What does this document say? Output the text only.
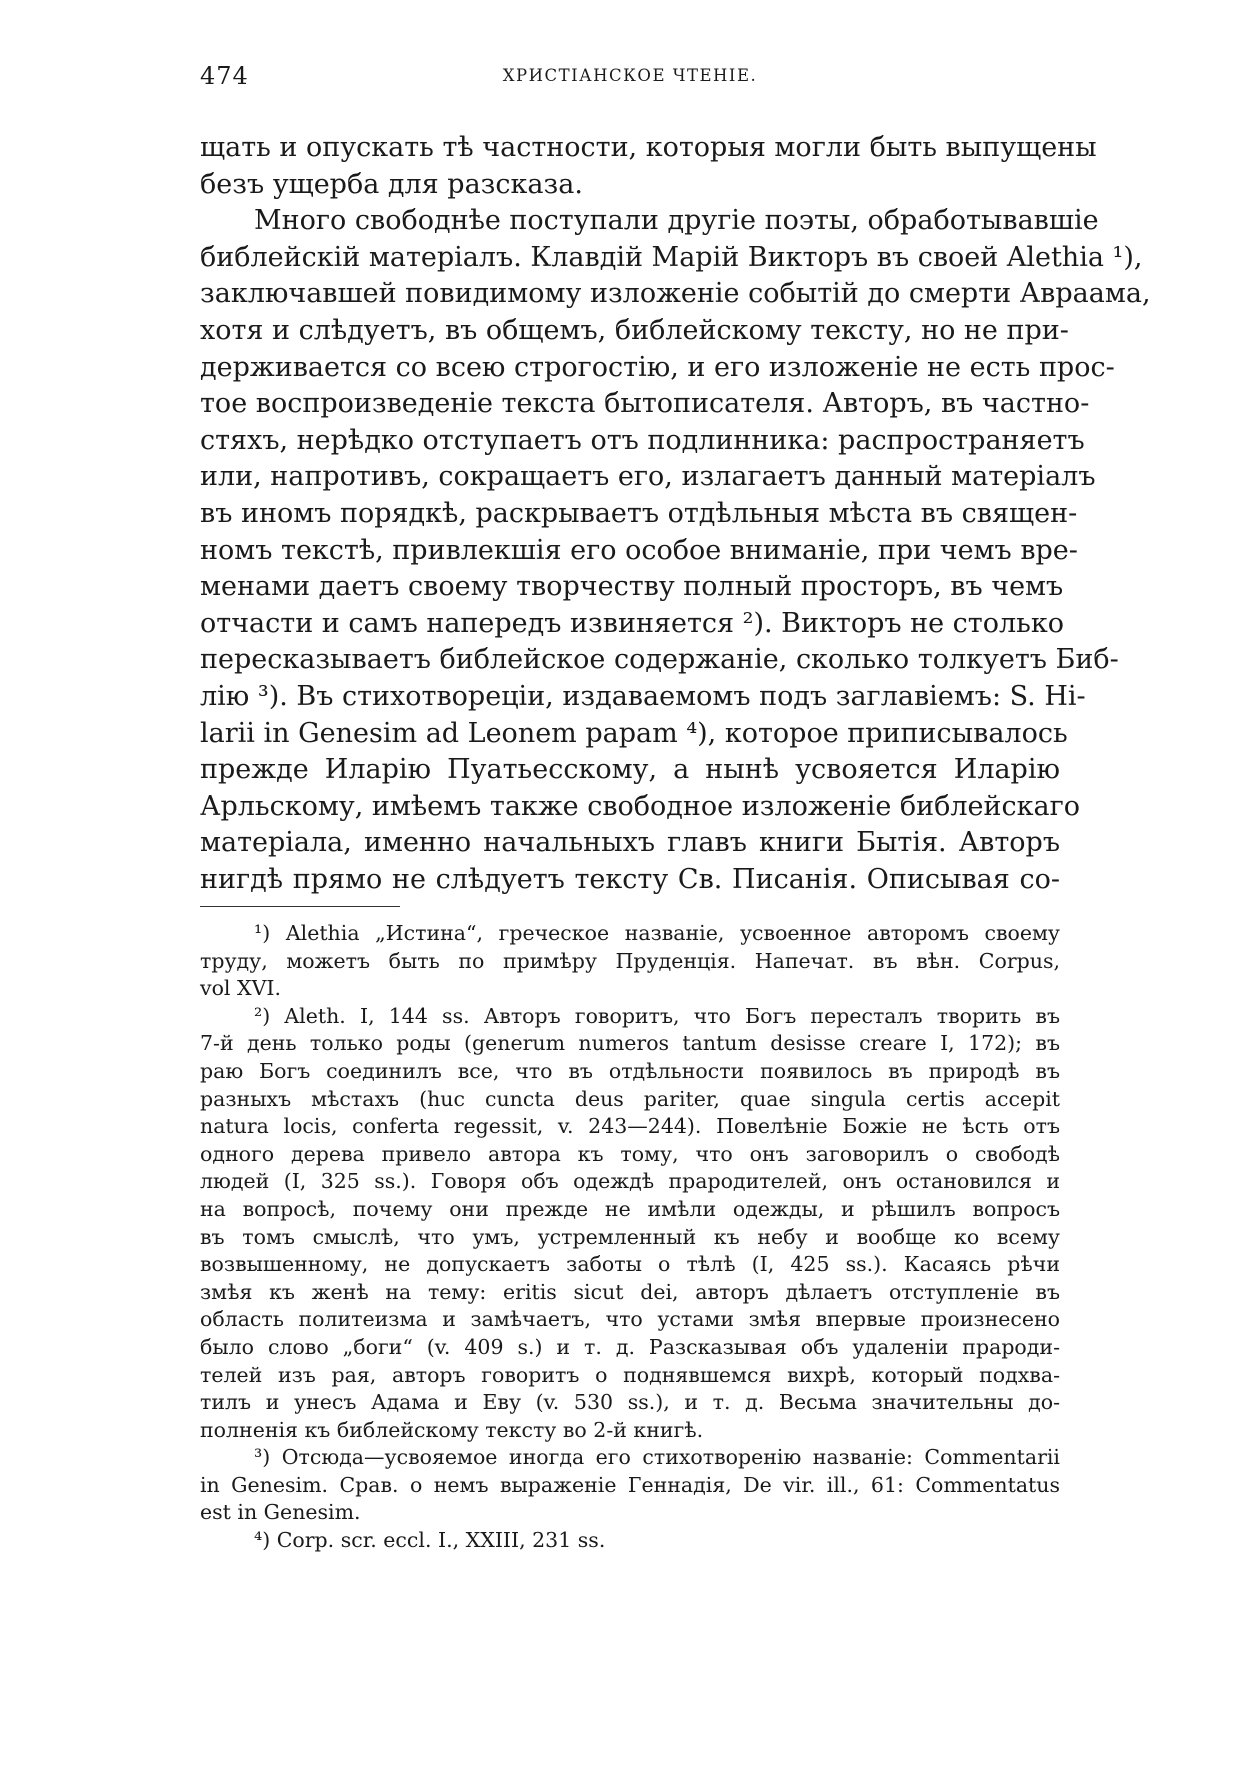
474	ХРИСТІАНСКОЕ ЧТЕНІЕ.
щать и опускать тѣ частности, которыя могли быть выпущены
безъ ущерба для разсказа.
Много свободнѣе поступали другіе поэты, обработывавшіе
библейскій матеріалъ. Клавдій Марій Викторъ въ своей Alethia ¹),
заключавшей повидимому изложеніе событій до смерти Авраама,
хотя и слѣдуетъ, въ общемъ, библейскому тексту, но не при-
держивается со всею строгостію, и его изложеніе не есть прос-
тое воспроизведеніе текста бытописателя. Авторъ, въ частно-
стяхъ, нерѣдко отступаетъ отъ подлинника: распространяетъ
или, напротивъ, сокращаетъ его, излагаетъ данный матеріалъ
въ иномъ порядкѣ, раскрываетъ отдѣльныя мѣста въ священ-
номъ текстѣ, привлекшія его особое вниманіе, при чемъ вре-
менами даетъ своему творчеству полный просторъ, въ чемъ
отчасти и самъ напередъ извиняется ²). Викторъ не столько
пересказываетъ библейское содержаніе, сколько толкуетъ Биб-
лію ³). Въ стихотвореціи, издаваемомъ подъ заглавіемъ: S. Hi-
larii in Genesim ad Leonem papam ⁴), которое приписывалось
прежде Иларію Пуатьесскому, а нынѣ усвояется Иларію
Арльскому, имѣемъ также свободное изложеніе библейскаго
матеріала, именно начальныхъ главъ книги Бытія. Авторъ
нигдѣ прямо не слѣдуетъ тексту Св. Писанія. Описывая со-
¹) Alethia „Истина“, греческое названіе, усвоенное авторомъ своему
труду, можетъ быть по примѣру Пруденція. Напечат. въ вѣн. Corpus,
vol XVI.
²) Aleth. I, 144 ss. Авторъ говоритъ, что Богъ пересталъ творить въ
7-й день только роды (generum numeros tantum desisse creare I, 172); въ
раю Богъ соединилъ все, что въ отдѣльности появилось въ природѣ въ
разныхъ мѣстахъ (huc cuncta deus pariter, quae singula certis accepit
natura locis, conferta regessit, v. 243—244). Повелѣніе Божіе не ѣсть отъ
одного дерева привело автора къ тому, что онъ заговорилъ о свободѣ
людей (I, 325 ss.). Говоря объ одеждѣ прародителей, онъ остановился и
на вопросѣ, почему они прежде не имѣли одежды, и рѣшилъ вопросъ
въ томъ смыслѣ, что умъ, устремленный къ небу и вообще ко всему
возвышенному, не допускаетъ заботы о тѣлѣ (I, 425 ss.). Касаясь рѣчи
змѣя къ женѣ на тему: eritis sicut dei, авторъ дѣлаетъ отступленіе въ
область политеизма и замѣчаетъ, что устами змѣя впервые произнесено
было слово „боги“ (v. 409 s.) и т. д. Разсказывая объ удаленіи прароди-
телей изъ рая, авторъ говоритъ о поднявшемся вихрѣ, который подхва-
тилъ и унесъ Адама и Еву (v. 530 ss.), и т. д. Весьма значительны до-
полненія къ библейскому тексту во 2-й книгѣ.
³) Отсюда—усвояемое иногда его стихотворенію названіе: Commentarii
in Genesim. Срав. о немъ выраженіе Геннадія, De vir. ill., 61: Commentatus
est in Genesim.
⁴) Corp. scr. eccl. I., XXIII, 231 ss.
